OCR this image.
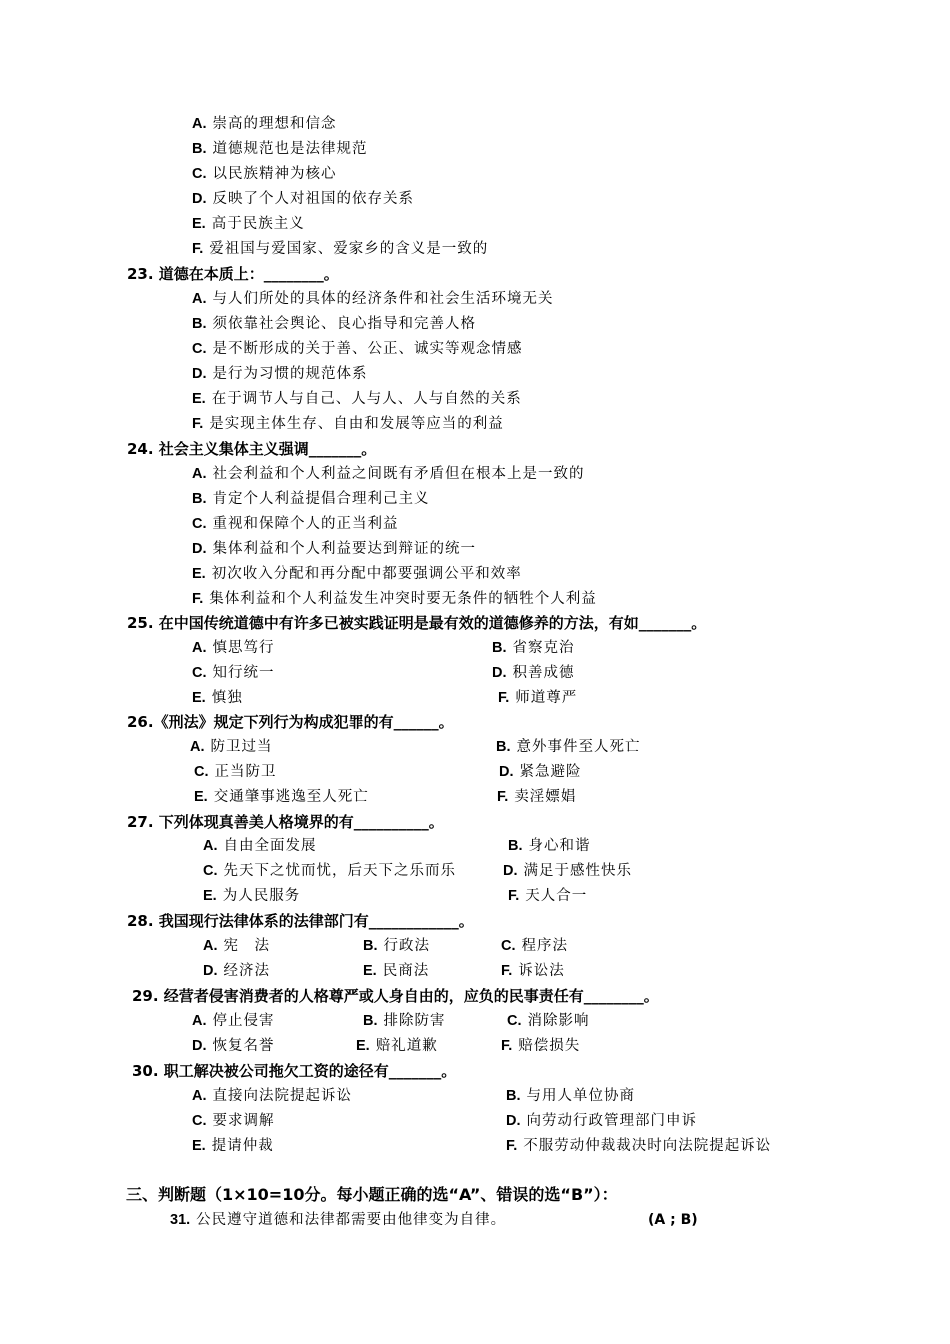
A. 崇高的理想和信念
B. 道德规范也是法律规范
C. 以民族精神为核心
D. 反映了个人对祖国的依存关系
E. 高于民族主义
F. 爱祖国与爱国家、爱家乡的含义是一致的
23. 道德在本质上：________。
A. 与人们所处的具体的经济条件和社会生活环境无关
B. 须依靠社会舆论、良心指导和完善人格
C. 是不断形成的关于善、公正、诚实等观念情感
D. 是行为习惯的规范体系
E. 在于调节人与自己、人与人、人与自然的关系
F. 是实现主体生存、自由和发展等应当的利益
24. 社会主义集体主义强调_______。
A. 社会利益和个人利益之间既有矛盾但在根本上是一致的
B. 肯定个人利益提倡合理利己主义
C. 重视和保障个人的正当利益
D. 集体利益和个人利益要达到辩证的统一
E. 初次收入分配和再分配中都要强调公平和效率
F. 集体利益和个人利益发生冲突时要无条件的牺牲个人利益
25. 在中国传统道德中有许多已被实践证明是最有效的道德修养的方法，有如_______。
A. 慎思笃行	B. 省察克治
C. 知行统一	D. 积善成德
E. 慎独	F. 师道尊严
26.《刑法》规定下列行为构成犯罪的有______。
A. 防卫过当	B. 意外事件至人死亡
C. 正当防卫	D. 紧急避险
E. 交通肇事逃逸至人死亡	F. 卖淫嫖娼
27. 下列体现真善美人格境界的有__________。
A. 自由全面发展	B. 身心和谐
C. 先天下之忧而忧，后天下之乐而乐	D. 满足于感性快乐
E. 为人民服务	F. 天人合一
28. 我国现行法律体系的法律部门有____________。
A. 宪　法	B. 行政法	C. 程序法
D. 经济法	E. 民商法	F. 诉讼法
29. 经营者侵害消费者的人格尊严或人身自由的，应负的民事责任有________。
A. 停止侵害	B. 排除防害	C. 消除影响
D. 恢复名誉	E. 赔礼道歉	F. 赔偿损失
30. 职工解决被公司拖欠工资的途径有_______。
A. 直接向法院提起诉讼	B. 与用人单位协商
C. 要求调解	D. 向劳动行政管理部门申诉
E. 提请仲裁	F. 不服劳动仲裁裁决时向法院提起诉讼
三、判断题（1×10=10分。每小题正确的选“A”、错误的选“B”）：
31. 公民遵守道德和法律都需要由他律变为自律。	(A ; B)
